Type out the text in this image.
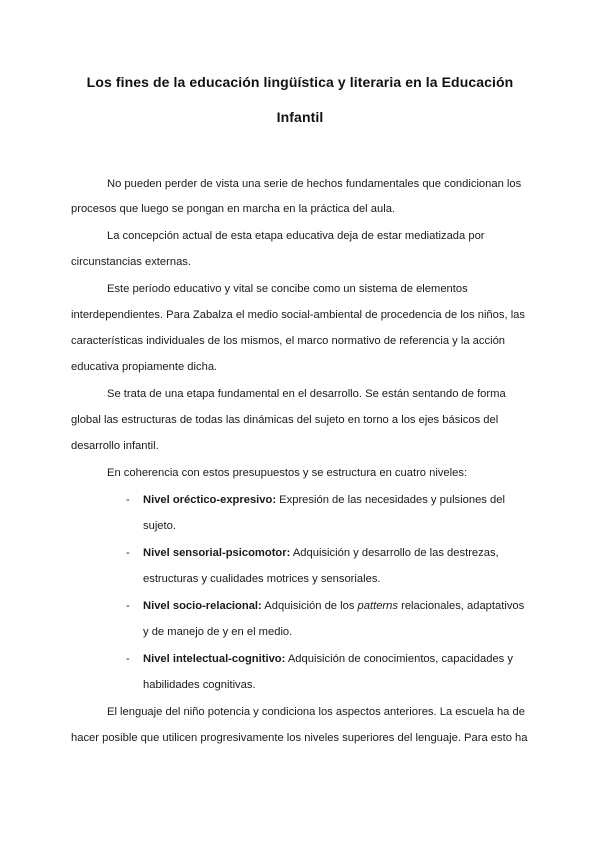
Los fines de la educación lingüística y literaria en la Educación
Infantil
No pueden perder de vista una serie de hechos fundamentales que condicionan los
procesos que luego se pongan en marcha en la práctica del aula.
La concepción actual de esta etapa educativa deja de estar mediatizada por
circunstancias externas.
Este período educativo y vital se concibe como un sistema de elementos
interdependientes. Para Zabalza el medio social-ambiental de procedencia de los niños, las
características individuales de los mismos, el marco normativo de referencia y la acción
educativa propiamente dicha.
Se trata de una etapa fundamental en el desarrollo. Se están sentando de forma
global las estructuras de todas las dinámicas del sujeto en torno a los ejes básicos del
desarrollo infantil.
En coherencia con estos presupuestos y se estructura en cuatro niveles:
- Nivel oréctico-expresivo: Expresión de las necesidades y pulsiones del
sujeto.
- Nivel sensorial-psicomotor: Adquisición y desarrollo de las destrezas,
estructuras y cualidades motrices y sensoriales.
- Nivel socio-relacional: Adquisición de los patterns relacionales, adaptativos
y de manejo de y en el medio.
- Nivel intelectual-cognitivo: Adquisición de conocimientos, capacidades y
habilidades cognitivas.
El lenguaje del niño potencia y condiciona los aspectos anteriores. La escuela ha de
hacer posible que utilicen progresivamente los niveles superiores del lenguaje. Para esto ha
